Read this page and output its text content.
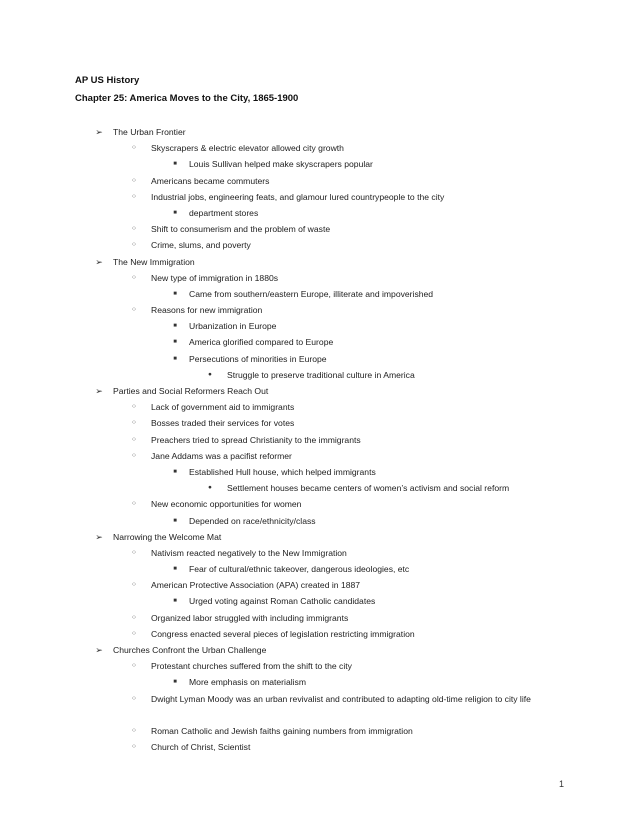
AP US History
Chapter 25: America Moves to the City, 1865-1900
➢ The Urban Frontier
○	Skyscrapers & electric elevator allowed city growth
■	Louis Sullivan helped make skyscrapers popular
○	Americans became commuters
○	Industrial jobs, engineering feats, and glamour lured countrypeople to the city
■	department stores
○	Shift to consumerism and the problem of waste
○	Crime, slums, and poverty
➢ The New Immigration
○	New type of immigration in 1880s
■	Came from southern/eastern Europe, illiterate and impoverished
○	Reasons for new immigration
■	Urbanization in Europe
■	America glorified compared to Europe
■	Persecutions of minorities in Europe
●	Struggle to preserve traditional culture in America
➢ Parties and Social Reformers Reach Out
○	Lack of government aid to immigrants
○	Bosses traded their services for votes
○	Preachers tried to spread Christianity to the immigrants
○	Jane Addams was a pacifist reformer
■	Established Hull house, which helped immigrants
●	Settlement houses became centers of women’s activism and social reform
○	New economic opportunities for women
■	Depended on race/ethnicity/class
➢ Narrowing the Welcome Mat
○	Nativism reacted negatively to the New Immigration
■	Fear of cultural/ethnic takeover, dangerous ideologies, etc
○	American Protective Association (APA) created in 1887
■	Urged voting against Roman Catholic candidates
○	Organized labor struggled with including immigrants
○	Congress enacted several pieces of legislation restricting immigration
➢ Churches Confront the Urban Challenge
○	Protestant churches suffered from the shift to the city
■	More emphasis on materialism
○	Dwight Lyman Moody was an urban revivalist and contributed to adapting old-time religion to city life
○	Roman Catholic and Jewish faiths gaining numbers from immigration
○	Church of Christ, Scientist
1
